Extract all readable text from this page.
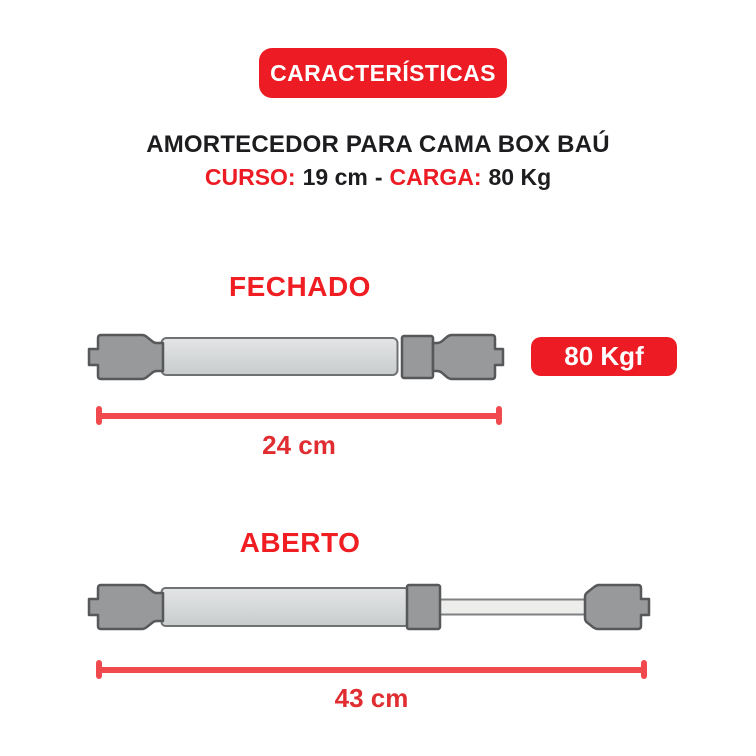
CARACTERÍSTICAS
AMORTECEDOR PARA CAMA BOX BAÚ
CURSO: 19 cm - CARGA: 80 Kg
FECHADO
80 Kgf
24 cm
ABERTO
43 cm
